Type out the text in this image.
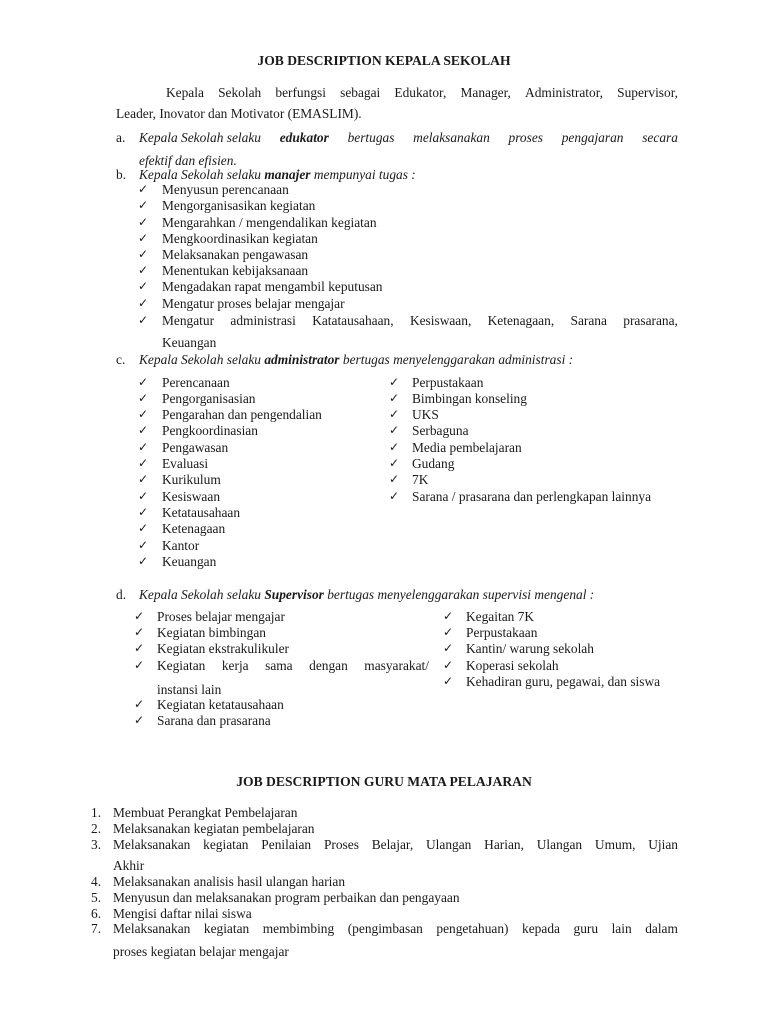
JOB DESCRIPTION KEPALA SEKOLAH
Kepala Sekolah berfungsi sebagai Edukator, Manager, Administrator, Supervisor,
Leader, Inovator dan Motivator (EMASLIM).
a. Kepala Sekolah selaku edukator bertugas melaksanakan proses pengajaran secara
efektif dan efisien.
b. Kepala Sekolah selaku manajer mempunyai tugas :
✓ Menyusun perencanaan
✓ Mengorganisasikan kegiatan
✓ Mengarahkan / mengendalikan kegiatan
✓ Mengkoordinasikan kegiatan
✓ Melaksanakan pengawasan
✓ Menentukan kebijaksanaan
✓ Mengadakan rapat mengambil keputusan
✓ Mengatur proses belajar mengajar
✓ Mengatur administrasi Katatausahaan, Kesiswaan, Ketenagaan, Sarana prasarana,
Keuangan
c. Kepala Sekolah selaku administrator bertugas menyelenggarakan administrasi :
✓ Perencanaan
✓ Pengorganisasian
✓ Pengarahan dan pengendalian
✓ Pengkoordinasian
✓ Pengawasan
✓ Evaluasi
✓ Kurikulum
✓ Kesiswaan
✓ Ketatausahaan
✓ Ketenagaan
✓ Kantor
✓ Keuangan
✓ Perpustakaan
✓ Bimbingan konseling
✓ UKS
✓ Serbaguna
✓ Media pembelajaran
✓ Gudang
✓ 7K
✓ Sarana / prasarana dan perlengkapan lainnya
d. Kepala Sekolah selaku Supervisor bertugas menyelenggarakan supervisi mengenal :
✓ Proses belajar mengajar
✓ Kegiatan bimbingan
✓ Kegiatan ekstrakulikuler
✓ Kegiatan kerja sama dengan masyarakat/
instansi lain
✓ Kegiatan ketatausahaan
✓ Sarana dan prasarana
✓ Kegaitan 7K
✓ Perpustakaan
✓ Kantin/ warung sekolah
✓ Koperasi sekolah
✓ Kehadiran guru, pegawai, dan siswa
JOB DESCRIPTION GURU MATA PELAJARAN
1. Membuat Perangkat Pembelajaran
2. Melaksanakan kegiatan pembelajaran
3. Melaksanakan kegiatan Penilaian Proses Belajar, Ulangan Harian, Ulangan Umum, Ujian
Akhir
4. Melaksanakan analisis hasil ulangan harian
5. Menyusun dan melaksanakan program perbaikan dan pengayaan
6. Mengisi daftar nilai siswa
7. Melaksanakan kegiatan membimbing (pengimbasan pengetahuan) kepada guru lain dalam
proses kegiatan belajar mengajar
